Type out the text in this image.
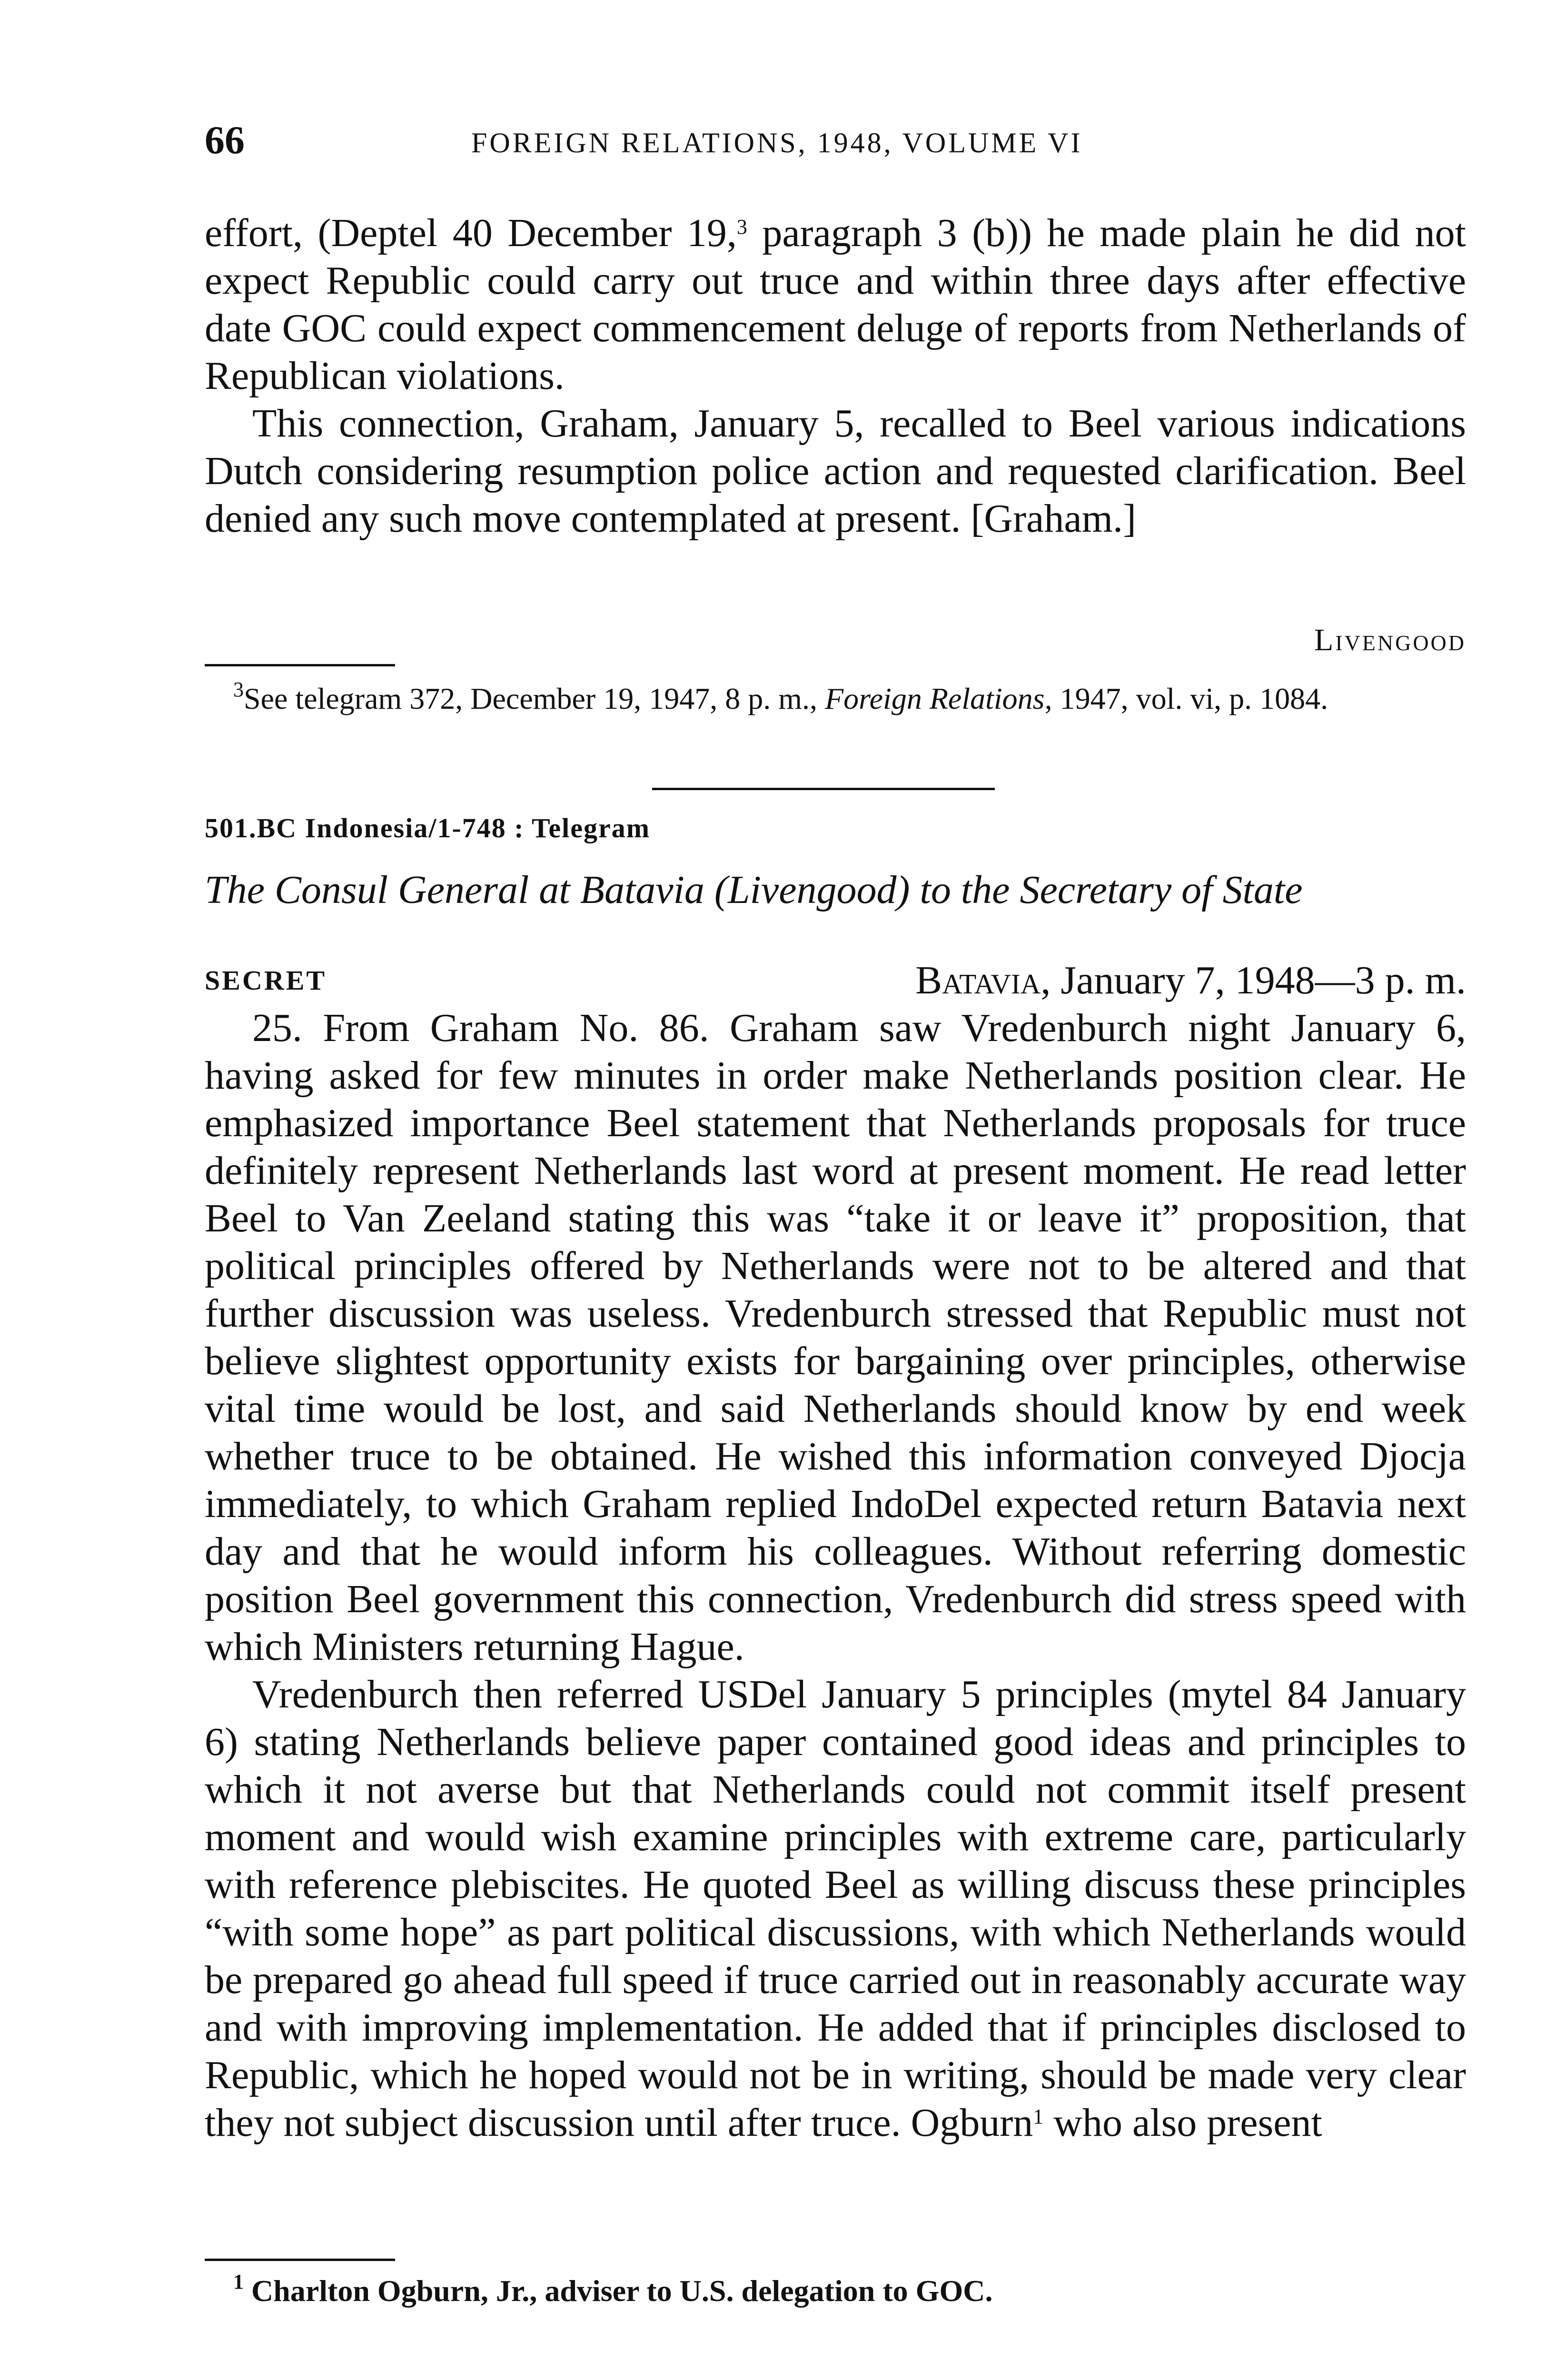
66	FOREIGN RELATIONS, 1948, VOLUME VI

effort, (Deptel 40 December 19,$^3$ paragraph 3 (b)) he made plain he did not expect Republic could carry out truce and within three days after effective date GOC could expect commencement deluge of reports from Netherlands of Republican violations.

This connection, Graham, January 5, recalled to Beel various indications Dutch considering resumption police action and requested clarification. Beel denied any such move contemplated at present. [Graham.]

Livengood

$^3$See telegram 372, December 19, 1947, 8 p. m., Foreign Relations, 1947, vol. vi, p. 1084.

501.BC Indonesia/1-748 : Telegram
The Consul General at Batavia (Livengood) to the Secretary of State
SECRET	Batavia, January 7, 1948—3 p. m.

25. From Graham No. 86. Graham saw Vredenburch night January 6, having asked for few minutes in order make Netherlands position clear. He emphasized importance Beel statement that Netherlands proposals for truce definitely represent Netherlands last word at present moment. He read letter Beel to Van Zeeland stating this was “take it or leave it” proposition, that political principles offered by Netherlands were not to be altered and that further discussion was useless. Vredenburch stressed that Republic must not believe slightest opportunity exists for bargaining over principles, otherwise vital time would be lost, and said Netherlands should know by end week whether truce to be obtained. He wished this information conveyed Djocja immediately, to which Graham replied IndoDel expected return Batavia next day and that he would inform his colleagues. Without referring domestic position Beel government this connection, Vredenburch did stress speed with which Ministers returning Hague.

Vredenburch then referred USDel January 5 principles (mytel 84 January 6) stating Netherlands believe paper contained good ideas and principles to which it not averse but that Netherlands could not commit itself present moment and would wish examine principles with extreme care, particularly with reference plebiscites. He quoted Beel as willing discuss these principles “with some hope” as part political discussions, with which Netherlands would be prepared go ahead full speed if truce carried out in reasonably accurate way and with improving implementation. He added that if principles disclosed to Republic, which he hoped would not be in writing, should be made very clear they not subject discussion until after truce. Ogburn$^1$ who also present

$^1$ Charlton Ogburn, Jr., adviser to U.S. delegation to GOC.
